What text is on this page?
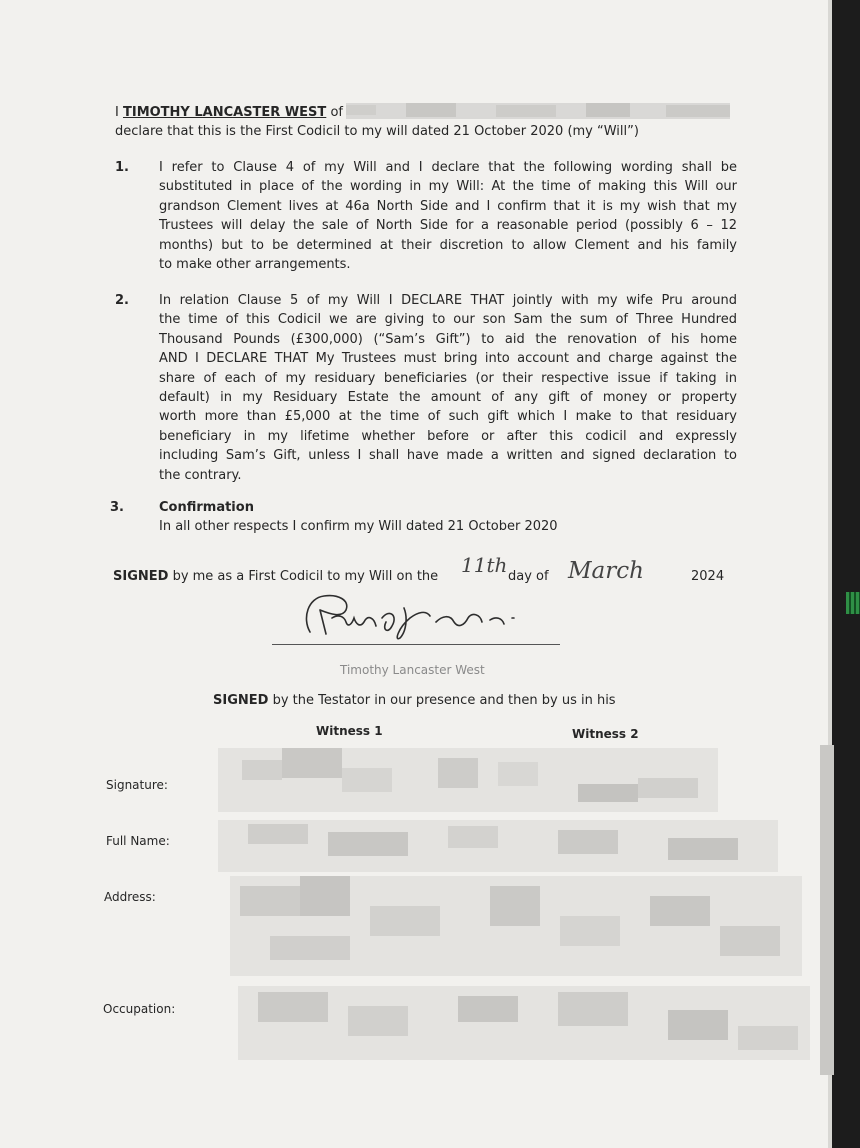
I TIMOTHY LANCASTER WEST of
declare that this is the First Codicil to my will dated 21 October 2020 (my “Will”)
1. I refer to Clause 4 of my Will and I declare that the following wording shall be
substituted in place of the wording in my Will: At the time of making this Will our
grandson Clement lives at 46a North Side and I confirm that it is my wish that my
Trustees will delay the sale of North Side for a reasonable period (possibly 6 – 12
months) but to be determined at their discretion to allow Clement and his family
to make other arrangements.
2. In relation Clause 5 of my Will I DECLARE THAT jointly with my wife Pru around
the time of this Codicil we are giving to our son Sam the sum of Three Hundred
Thousand Pounds (£300,000) (“Sam’s Gift”) to aid the renovation of his home
AND I DECLARE THAT My Trustees must bring into account and charge against the
share of each of my residuary beneficiaries (or their respective issue if taking in
default) in my Residuary Estate the amount of any gift of money or property
worth more than £5,000 at the time of such gift which I make to that residuary
beneficiary in my lifetime whether before or after this codicil and expressly
including Sam’s Gift, unless I shall have made a written and signed declaration to
the contrary.
3.	Confirmation
In all other respects I confirm my Will dated 21 October 2020
SIGNED by me as a First Codicil to my Will on the 11th day of March	2024
Timothy Lancaster West
SIGNED by the Testator in our presence and then by us in his
Witness 1	Witness 2
Signature:
Full Name:
Address:
Occupation:
